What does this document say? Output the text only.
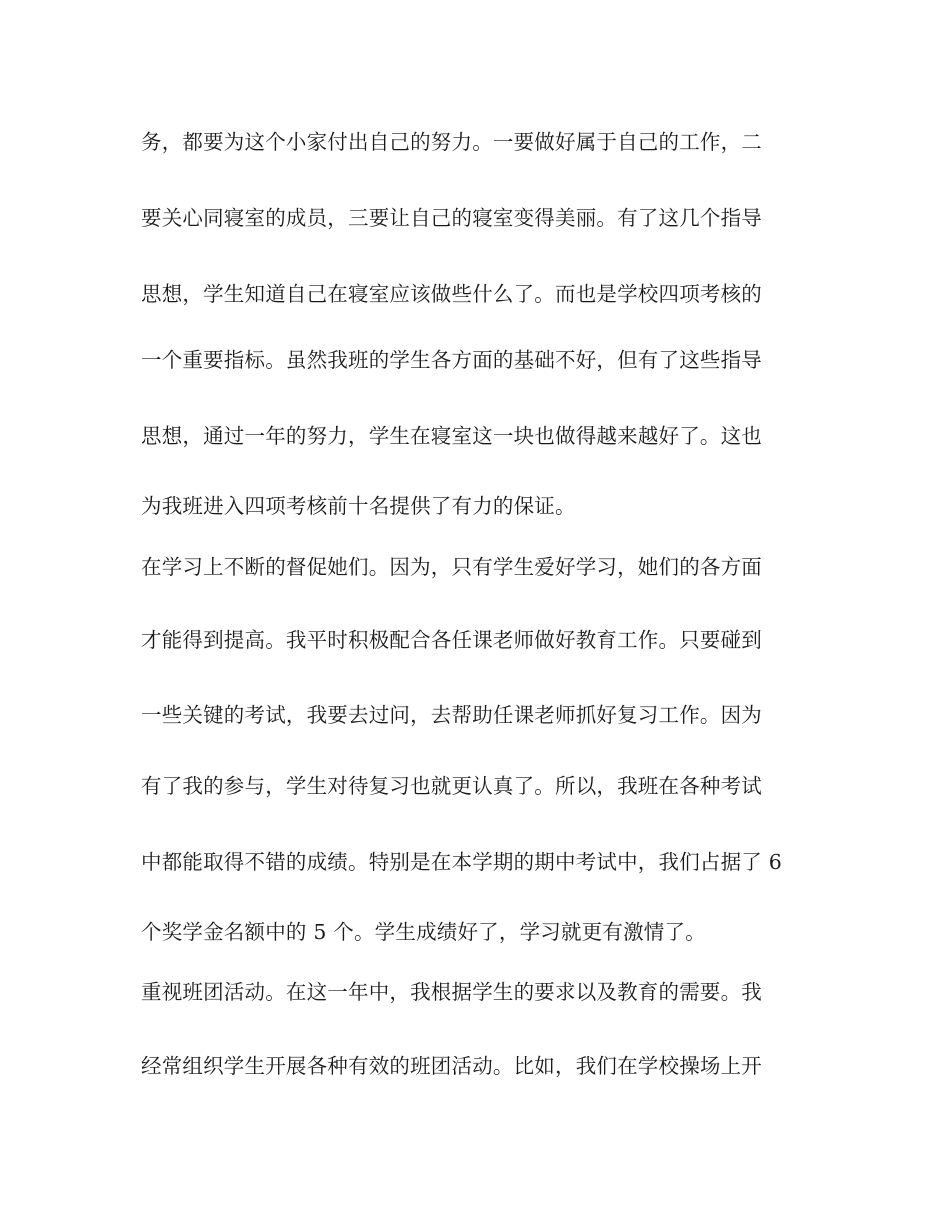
务，都要为这个小家付出自己的努力。一要做好属于自己的工作，二
要关心同寝室的成员，三要让自己的寝室变得美丽。有了这几个指导
思想，学生知道自己在寝室应该做些什么了。而也是学校四项考核的
一个重要指标。虽然我班的学生各方面的基础不好，但有了这些指导
思想，通过一年的努力，学生在寝室这一块也做得越来越好了。这也
为我班进入四项考核前十名提供了有力的保证。
在学习上不断的督促她们。因为，只有学生爱好学习，她们的各方面
才能得到提高。我平时积极配合各任课老师做好教育工作。只要碰到
一些关键的考试，我要去过问，去帮助任课老师抓好复习工作。因为
有了我的参与，学生对待复习也就更认真了。所以，我班在各种考试
中都能取得不错的成绩。特别是在本学期的期中考试中，我们占据了 6
个奖学金名额中的 5 个。学生成绩好了，学习就更有激情了。
重视班团活动。在这一年中，我根据学生的要求以及教育的需要。我
经常组织学生开展各种有效的班团活动。比如，我们在学校操场上开
